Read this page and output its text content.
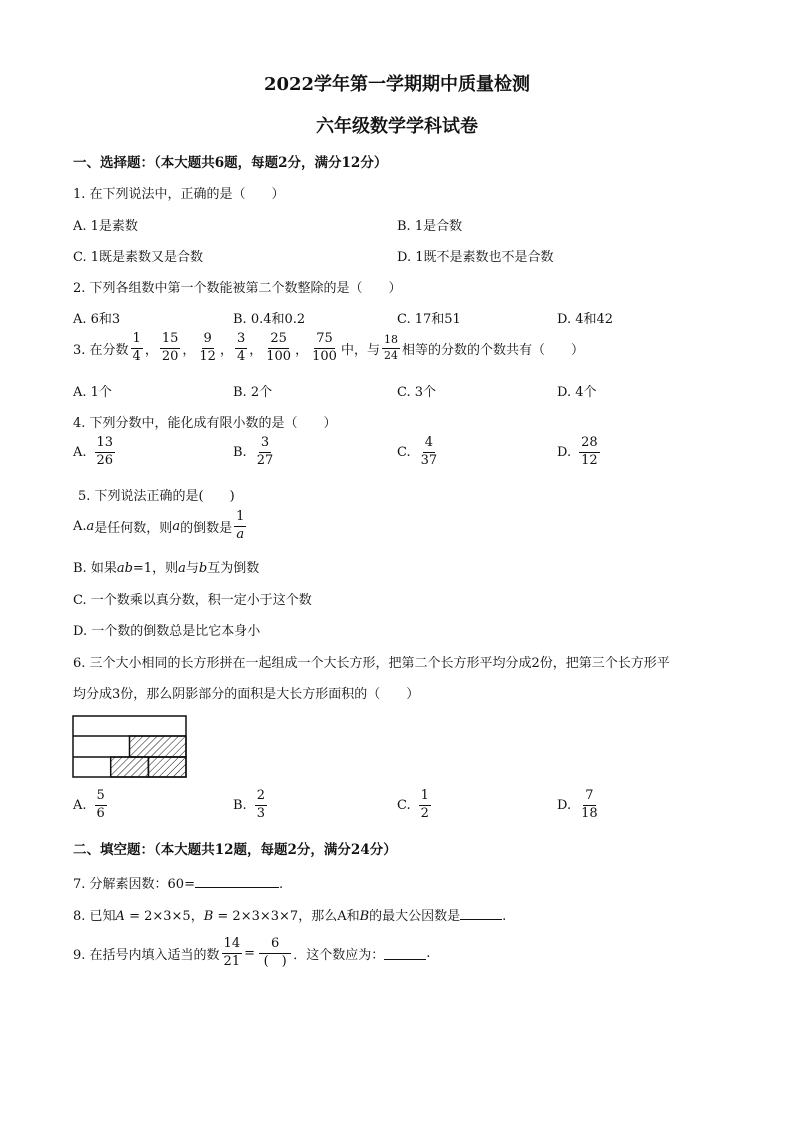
2022学年第一学期期中质量检测
六年级数学学科试卷
一、选择题：（本大题共6题，每题2分，满分12分）
1. 在下列说法中，正确的是（　　）
A. 1是素数	B. 1是合数
C. 1既是素数又是合数	D. 1既不是素数也不是合数
2. 下列各组数中第一个数能被第二个数整除的是（　　）
A. 6和3	B. 0.4和0.2	C. 17和51	D. 4和42
3. 在分数 $\frac{1}{4}$ ， $\frac{15}{20}$ ， $\frac{9}{12}$ ， $\frac{3}{4}$ ， $\frac{25}{100}$ ， $\frac{75}{100}$ 中，与 $\frac{18}{24}$ 相等的分数的个数共有（　　）
A. 1个	B. 2个	C. 3个	D. 4个
4. 下列分数中，能化成有限小数的是（　　）
A. $\frac{13}{26}$	B. $\frac{3}{27}$	C. $\frac{4}{37}$	D. $\frac{28}{12}$
5. 下列说法正确的是(　　)
A. a 是任何数，则 a 的倒数是 $\frac{1}{a}$
B. 如果ab=1，则a与b互为倒数
C. 一个数乘以真分数，积一定小于这个数
D. 一个数的倒数总是比它本身小
6. 三个大小相同的长方形拼在一起组成一个大长方形，把第二个长方形平均分成2份，把第三个长方形平
均分成3份，那么阴影部分的面积是大长方形面积的（　　）
A. $\frac{5}{6}$	B. $\frac{2}{3}$	C. $\frac{1}{2}$	D. $\frac{7}{18}$
二、填空题：（本大题共12题，每题2分，满分24分）
7. 分解素因数：60=	.
8. 已知A = 2×3×5，B = 2×3×3×7，那么A和B的最大公因数是	.
9. 在括号内填入适当的数 $\frac{14}{21} = \frac{6}{( )}$ ．这个数应为：	.
